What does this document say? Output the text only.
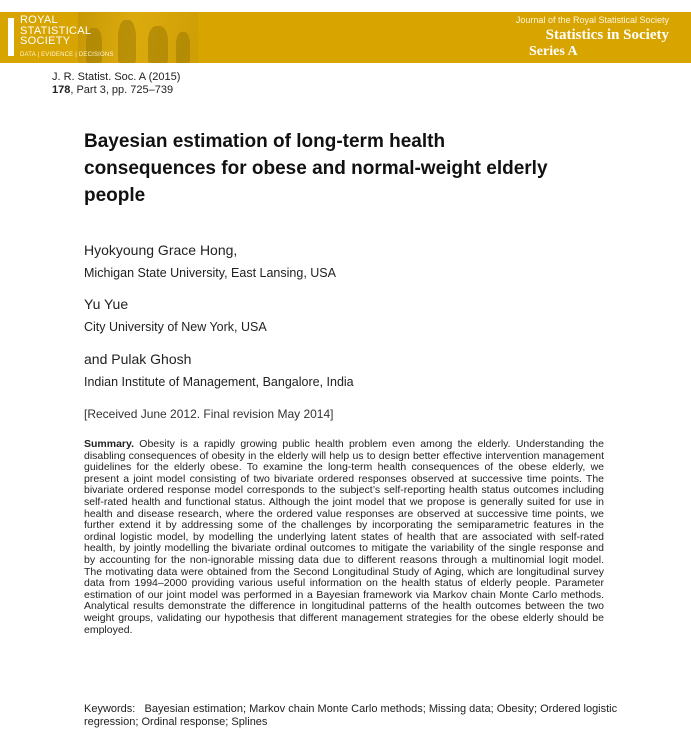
ROYAL
STATISTICAL
SOCIETY
DATA | EVIDENCE | DECISIONS
Journal of the Royal Statistical Society
Statistics in Society
Series A
J. R. Statist. Soc. A (2015)
178, Part 3, pp. 725–739
Bayesian estimation of long-term health consequences for obese and normal-weight elderly people
Hyokyoung Grace Hong,
Michigan State University, East Lansing, USA
Yu Yue
City University of New York, USA
and Pulak Ghosh
Indian Institute of Management, Bangalore, India
[Received June 2012. Final revision May 2014]

Summary. Obesity is a rapidly growing public health problem even among the elderly. Understanding the disabling consequences of obesity in the elderly will help us to design better effective intervention management guidelines for the elderly obese. To examine the long-term health consequences of the obese elderly, we present a joint model consisting of two bivariate ordered responses observed at successive time points. The bivariate ordered response model corresponds to the subject’s self-reporting health status outcomes including self-rated health and functional status. Although the joint model that we propose is generally suited for use in health and disease research, where the ordered value responses are observed at successive time points, we further extend it by addressing some of the challenges by incorporating the semiparametric features in the ordinal logistic model, by modelling the underlying latent states of health that are associated with self-rated health, by jointly modelling the bivariate ordinal outcomes to mitigate the variability of the single response and by accounting for the non-ignorable missing data due to different reasons through a multinomial logit model. The motivating data were obtained from the Second Longitudinal Study of Aging, which are longitudinal survey data from 1994–2000 providing various useful information on the health status of elderly people. Parameter estimation of our joint model was performed in a Bayesian framework via Markov chain Monte Carlo methods. Analytical results demonstrate the difference in longitudinal patterns of the health outcomes between the two weight groups, validating our hypothesis that different management strategies for the obese elderly should be employed.

Keywords: Bayesian estimation; Markov chain Monte Carlo methods; Missing data; Obesity; Ordered logistic regression; Ordinal response; Splines
